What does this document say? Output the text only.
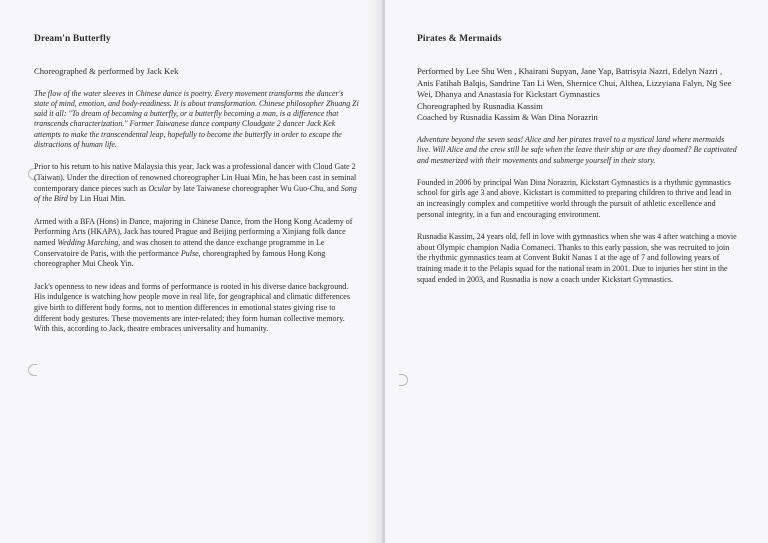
Dream'n Butterfly

Choreographed & performed by Jack Kek

The flow of the water sleeves in Chinese dance is poetry. Every movement transforms the dancer's state of mind, emotion, and body-readiness. It is about transformation. Chinese philosopher Zhuang Zi said it all: "To dream of becoming a butterfly, or a butterfly becoming a man, is a difference that transcends characterization." Former Taiwanese dance company Cloudgate 2 dancer Jack Kek attempts to make the transcendental leap, hopefully to become the butterfly in order to escape the distractions of human life.

Prior to his return to his native Malaysia this year, Jack was a professional dancer with Cloud Gate 2 (Taiwan). Under the direction of renowned choreographer Lin Huai Min, he has been cast in seminal contemporary dance pieces such as Ocular by late Taiwanese choreographer Wu Guo-Chu, and Song of the Bird by Lin Huai Min.

Armed with a BFA (Hons) in Dance, majoring in Chinese Dance, from the Hong Kong Academy of Performing Arts (HKAPA), Jack has toured Prague and Beijing performing a Xinjiang folk dance named Wedding Marching, and was chosen to attend the dance exchange programme in Le Conservatoire de Paris, with the performance Pulse, choreographed by famous Hong Kong choreographer Mui Cheok Yin.

Jack's openness to new ideas and forms of performance is rooted in his diverse dance background. His indulgence is watching how people move in real life, for geographical and climatic differences give birth to different body forms, not to mention differences in emotional states giving rise to different body gestures. These movements are inter-related; they form human collective memory. With this, according to Jack, theatre embraces universality and humanity.

Pirates & Mermaids
Performed by Lee Shu Wen , Khairani Supyan, Jane Yap, Batrisyia Nazri, Edelyn Nazri , Anis Fatihah Balqis, Sandrine Tan Li Wen, Shernice Chui, Althea, Lizzyiana Falyn, Ng See Wei, Dhanya and Anastasia for Kickstart Gymnastics
Choreographed by Rusnadia Kassim
Coached by Rusnadia Kassim & Wan Dina Norazrin

Adventure beyond the seven seas! Alice and her pirates travel to a mystical land where mermaids live. Will Alice and the crew still be safe when the leave their ship or are they doomed? Be captivated and mesmerized with their movements and submerge yourself in their story.

Founded in 2006 by principal Wan Dina Norazrin, Kickstart Gymnastics is a rhythmic gymnastics school for girls age 3 and above. Kickstart is committed to preparing children to thrive and lead in an increasingly complex and competitive world through the pursuit of athletic excellence and personal integrity, in a fun and encouraging environment.

Rusnadia Kassim, 24 years old, fell in love with gymnastics when she was 4 after watching a movie about Olympic champion Nadia Comaneci. Thanks to this early passion, she was recruited to join the rhythmic gymnastics team at Convent Bukit Nanas 1 at the age of 7 and following years of training made it to the Pelapis squad for the national team in 2001. Due to injuries her stint in the squad ended in 2003, and Rusnadia is now a coach under Kickstart Gymnastics.
